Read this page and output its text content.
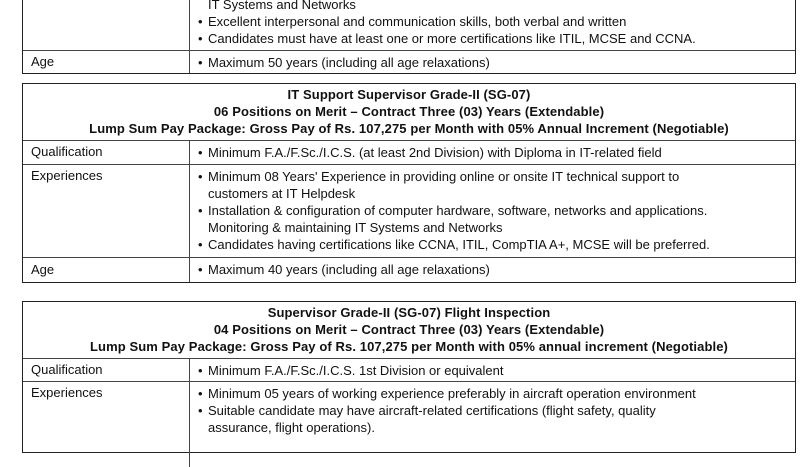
IT Systems and Networks
• Excellent interpersonal and communication skills, both verbal and written
• Candidates must have at least one or more certifications like ITIL, MCSE and CCNA.
Age	• Maximum 50 years (including all age relaxations)
IT Support Supervisor Grade-II (SG-07)
06 Positions on Merit – Contract Three (03) Years (Extendable)
Lump Sum Pay Package: Gross Pay of Rs. 107,275 per Month with 05% Annual Increment (Negotiable)
Qualification	• Minimum F.A./F.Sc./I.C.S. (at least 2nd Division) with Diploma in IT-related field
Experiences	• Minimum 08 Years' Experience in providing online or onsite IT technical support to
customers at IT Helpdesk
• Installation & configuration of computer hardware, software, networks and applications.
Monitoring & maintaining IT Systems and Networks
• Candidates having certifications like CCNA, ITIL, CompTIA A+, MCSE will be preferred.
Age	• Maximum 40 years (including all age relaxations)
Supervisor Grade-II (SG-07) Flight Inspection
04 Positions on Merit – Contract Three (03) Years (Extendable)
Lump Sum Pay Package: Gross Pay of Rs. 107,275 per Month with 05% annual increment (Negotiable)
Qualification	• Minimum F.A./F.Sc./I.C.S. 1st Division or equivalent
Experiences	• Minimum 05 years of working experience preferably in aircraft operation environment
• Suitable candidate may have aircraft-related certifications (flight safety, quality
assurance, flight operations).
